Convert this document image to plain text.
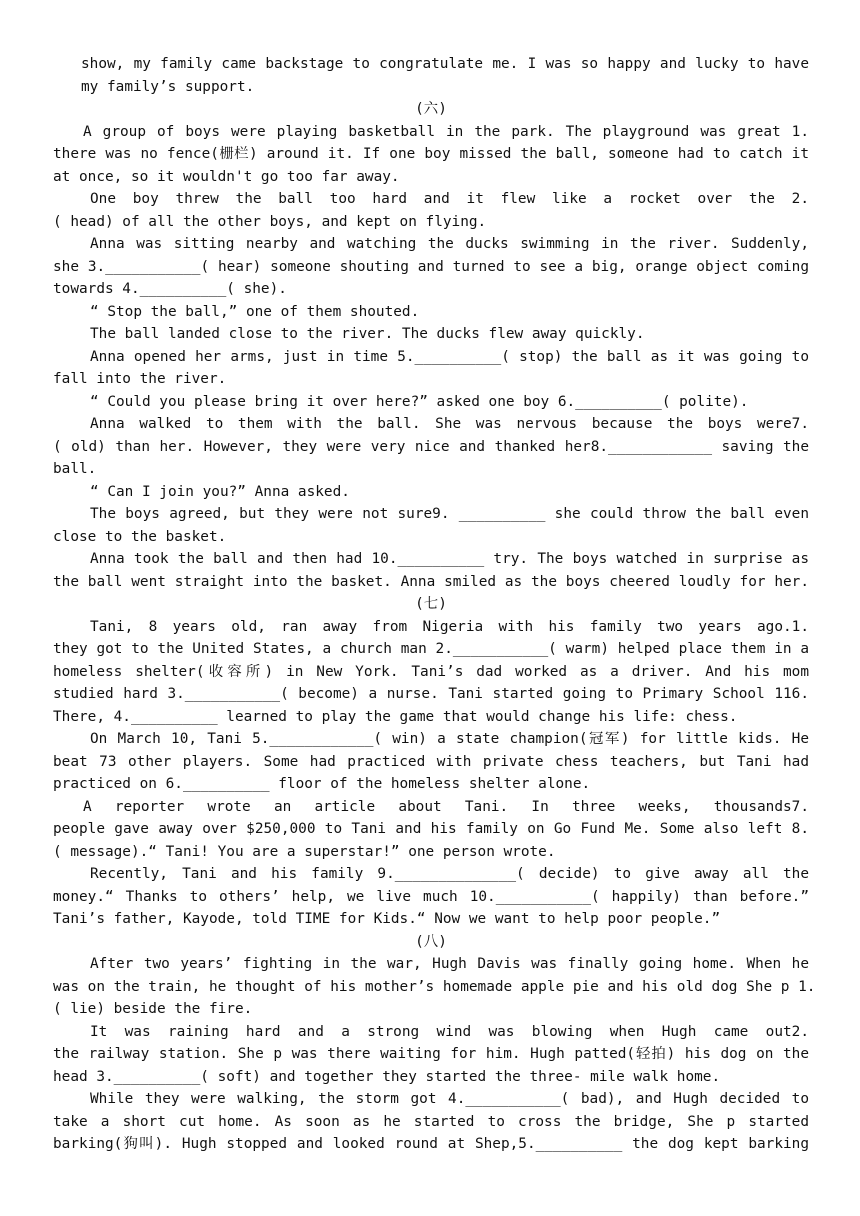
show, my family came backstage to congratulate me. I was so happy and lucky to have
my family’s support.
(六)
A group of boys were playing basketball in the park. The playground was great 1.
there was no fence(栅栏) around it. If one boy missed the ball, someone had to catch it
at once, so it wouldn't go too far away.
One boy threw the ball too hard and it flew like a rocket over the 2.
( head) of all the other boys, and kept on flying.
Anna was sitting nearby and watching the ducks swimming in the river. Suddenly,
she 3.___________( hear) someone shouting and turned to see a big, orange object coming
towards 4.__________( she).
“ Stop the ball,” one of them shouted.
The ball landed close to the river. The ducks flew away quickly.
Anna opened her arms, just in time 5.__________( stop) the ball as it was going to
fall into the river.
“ Could you please bring it over here?” asked one boy 6.__________( polite).
Anna walked to them with the ball. She was nervous because the boys were7.
( old) than her. However, they were very nice and thanked her8.____________ saving the
ball.
“ Can I join you?” Anna asked.
The boys agreed, but they were not sure9. __________ she could throw the ball even
close to the basket.
Anna took the ball and then had 10.__________ try. The boys watched in surprise as
the ball went straight into the basket. Anna smiled as the boys cheered loudly for her.
(七)
Tani, 8 years old, ran away from Nigeria with his family two years ago.1.
they got to the United States, a church man 2.___________( warm) helped place them in a
homeless shelter(收容所) in New York. Tani’s dad worked as a driver. And his mom
studied hard 3.___________( become) a nurse. Tani started going to Primary School 116.
There, 4.__________ learned to play the game that would change his life: chess.
On March 10, Tani 5.____________( win) a state champion(冠军) for little kids. He
beat 73 other players. Some had practiced with private chess teachers, but Tani had
practiced on 6.__________ floor of the homeless shelter alone.
A reporter wrote an article about Tani. In three weeks, thousands7.
people gave away over $250,000 to Tani and his family on Go Fund Me. Some also left 8.
( message).“ Tani! You are a superstar!” one person wrote.
Recently, Tani and his family 9.______________( decide) to give away all the
money.“ Thanks to others’ help, we live much 10.___________( happily) than before.”
Tani’s father, Kayode, told TIME for Kids.“ Now we want to help poor people.”
(八)
After two years’ fighting in the war, Hugh Davis was finally going home. When he
was on the train, he thought of his mother’s homemade apple pie and his old dog She p 1.
( lie) beside the fire.
It was raining hard and a strong wind was blowing when Hugh came out2.
the railway station. She p was there waiting for him. Hugh patted(轻拍) his dog on the
head 3.__________( soft) and together they started the three- mile walk home.
While they were walking, the storm got 4.___________( bad), and Hugh decided to
take a short cut home. As soon as he started to cross the bridge, She p started
barking(狗叫). Hugh stopped and looked round at Shep,5.__________ the dog kept barking
